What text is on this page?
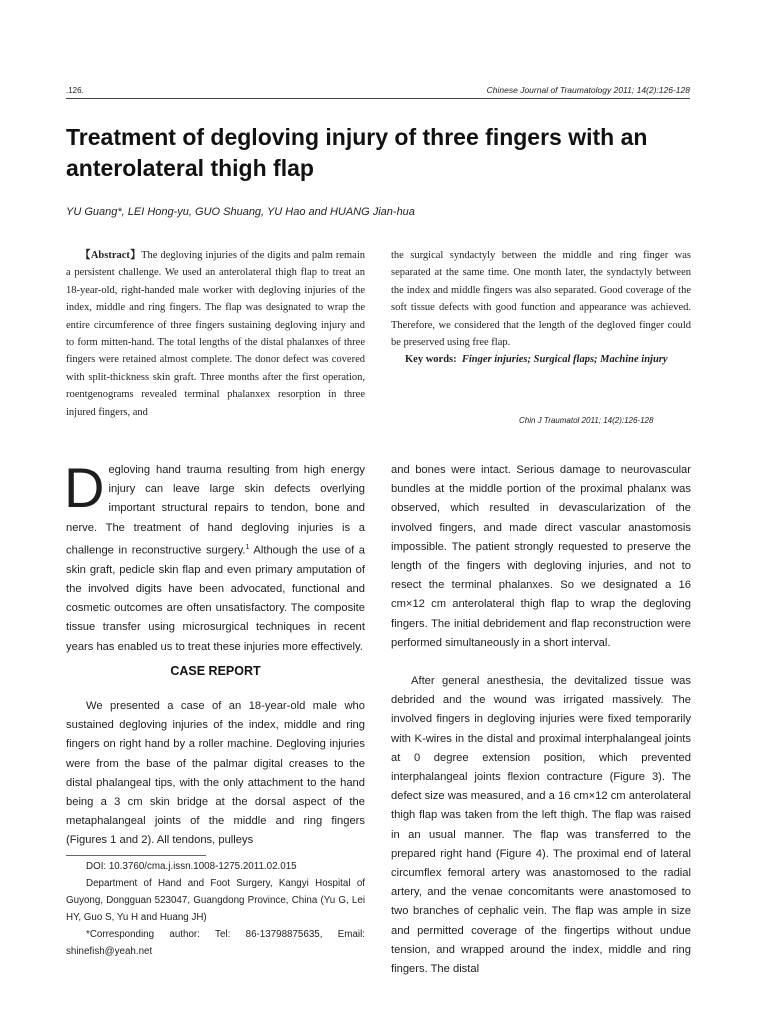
.126.	Chinese Journal of Traumatology 2011; 14(2):126-128
Treatment of degloving injury of three fingers with an anterolateral thigh flap
YU Guang*, LEI Hong-yu, GUO Shuang, YU Hao and HUANG Jian-hua

【Abstract】The degloving injuries of the digits and palm remain a persistent challenge. We used an anterolateral thigh flap to treat an 18-year-old, right-handed male worker with degloving injuries of the index, middle and ring fingers. The flap was designated to wrap the entire circumference of three fingers sustaining degloving injury and to form mitten-hand. The total lengths of the distal phalanxes of three fingers were retained almost complete. The donor defect was covered with split-thickness skin graft. Three months after the first operation, roentgenograms revealed terminal phalanxex resorption in three injured fingers, and

the surgical syndactyly between the middle and ring finger was separated at the same time. One month later, the syndactyly between the index and middle fingers was also separated. Good coverage of the soft tissue defects with good function and appearance was achieved. Therefore, we considered that the length of the degloved finger could be preserved using free flap.

Key words: Finger injuries; Surgical flaps; Machine injury

Chin J Traumatol 2011; 14(2):126-128
Degloving hand trauma resulting from high energy injury can leave large skin defects overlying important structural repairs to tendon, bone and nerve. The treatment of hand degloving injuries is a challenge in reconstructive surgery.$^1$ Although the use of a skin graft, pedicle skin flap and even primary amputation of the involved digits have been advocated, functional and cosmetic outcomes are often unsatisfactory. The composite tissue transfer using microsurgical techniques in recent years has enabled us to treat these injuries more effectively.
CASE REPORT

We presented a case of an 18-year-old male who sustained degloving injuries of the index, middle and ring fingers on right hand by a roller machine. Degloving injuries were from the base of the palmar digital creases to the distal phalangeal tips, with the only attachment to the hand being a 3 cm skin bridge at the dorsal aspect of the metaphalangeal joints of the middle and ring fingers (Figures 1 and 2). All tendons, pulleys

and bones were intact. Serious damage to neurovascular bundles at the middle portion of the proximal phalanx was observed, which resulted in devascularization of the involved fingers, and made direct vascular anastomosis impossible. The patient strongly requested to preserve the length of the fingers with degloving injuries, and not to resect the terminal phalanxes. So we designated a 16 cm×12 cm anterolateral thigh flap to wrap the degloving fingers. The initial debridement and flap reconstruction were performed simultaneously in a short interval.

After general anesthesia, the devitalized tissue was debrided and the wound was irrigated massively. The involved fingers in degloving injuries were fixed temporarily with K-wires in the distal and proximal interphalangeal joints at 0 degree extension position, which prevented interphalangeal joints flexion contracture (Figure 3). The defect size was measured, and a 16 cm×12 cm anterolateral thigh flap was taken from the left thigh. The flap was raised in an usual manner. The flap was transferred to the prepared right hand (Figure 4). The proximal end of lateral circumflex femoral artery was anastomosed to the radial artery, and the venae concomitants were anastomosed to two branches of cephalic vein. The flap was ample in size and permitted coverage of the fingertips without undue tension, and wrapped around the index, middle and ring fingers. The distal

DOI: 10.3760/cma.j.issn.1008-1275.2011.02.015

Department of Hand and Foot Surgery, Kangyi Hospital of Guyong, Dongguan 523047, Guangdong Province, China (Yu G, Lei HY, Guo S, Yu H and Huang JH)

*Corresponding author: Tel: 86-13798875635, Email: shinefish@yeah.net
